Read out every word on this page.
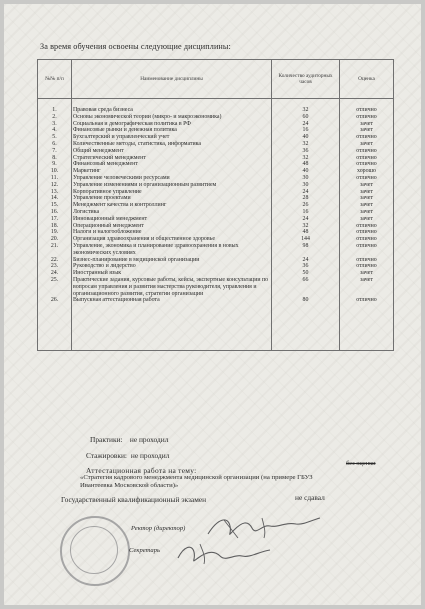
За время обучения освоены следующие дисциплины:
№№ п/п	Наименование дисциплины	Количество аудиторных часов	Оценка

1.	Правовая среда бизнеса	32	отлично
2.	Основы экономической теории (микро- и макроэкономика)	60	отлично
3.	Социальная и демографическая политика в РФ	24	зачет
4.	Финансовые рынки и денежная политика	16	зачет
5.	Бухгалтерский и управленческий учет	40	отлично
6.	Количественные методы, статистика, информатика	32	зачет
7.	Общий менеджмент	36	отлично
8.	Стратегический менеджмент	32	отлично
9.	Финансовый менеджмент	48	отлично
10.	Маркетинг	40	хорошо
11.	Управление человеческими ресурсами	30	отлично
12.	Управление изменениями и организационным развитием	30	зачет
13.	Корпоративное управление	24	зачет
14.	Управление проектами	28	зачет
15.	Менеджмент качества и контроллинг	26	зачет
16.	Логистика	16	зачет
17.	Инновационный менеджмент	24	зачет
18.	Операционный менеджмент	32	отлично
19.	Налоги и налогообложение	48	отлично
20.	Организация здравоохранения и общественное здоровье	144	отлично
21.	Управление, экономика и планирование здравоохранения в новых экономических условиях	98	отлично
22.	Бизнес-планирование в медицинской организации	24	отлично
23.	Руководство и лидерство	36	отлично
24.	Иностранный язык	50	зачет
25.	Практические задания, курсовые работы, кейсы, экспертные консультации по вопросам управления и развития мастерства руководителя, управления и организационного развития, стратегии организации	66	зачет
26.	Выпускная аттестационная работа	80	отлично

Практики: не проходил
Стажировки: не проходил
Аттестационная работа на тему:
без оценки
«Стратегия кадрового менеджмента медицинской организации (на примере ГБУЗ Ивантеевка Московской области)»
Государственный квалификационный экзамен	не сдавал
Ректор (директор)
Секретарь
